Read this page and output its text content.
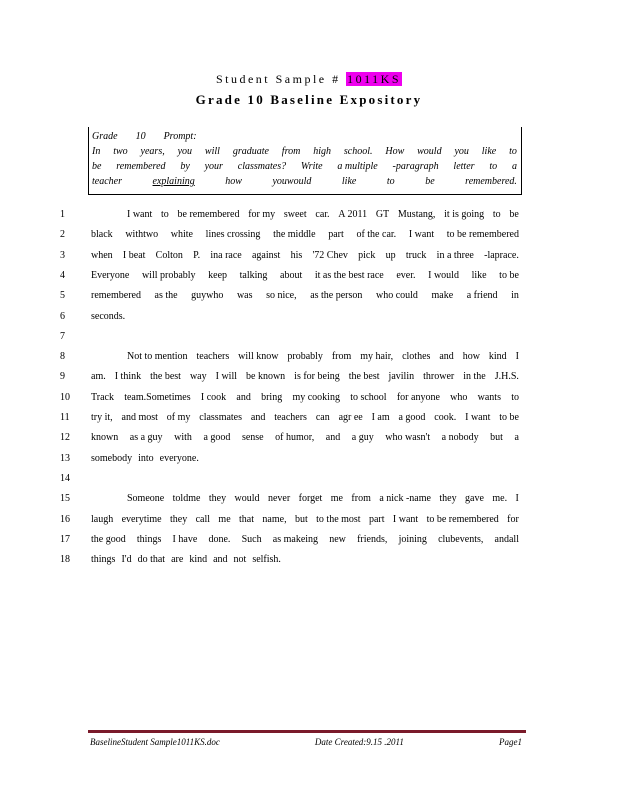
Student Sample # 1011KS
Grade 10 Baseline Expository
Grade 10 Prompt:
In two years, you will graduate from high school. How would you like to
be remembered by your classmates? Write a multiple -paragraph letter to a
teacher	explaining	how	youwould	like	to	be	remembered.
1	I want to be remembered for my sweet car. A 2011 GT Mustang, it is going to be
2	black withtwo white lines crossing the middle part of the car. I want to be remembered
3	when I beat Colton P. ina race against his '72 Chev pick up truck in a three -laprace.
4	Everyone will probably keep talking about it as the best race ever. I would like to be
5	remembered as the guywho was so nice, as the person who could make a friend in
6	seconds.
7
8	Not to mention teachers will know probably from my hair, clothes and how kind I
9	am. I think the best way I will be known is for being the best javilin thrower in the J.H.S.
10	Track team.Sometimes I cook and bring my cooking to school for anyone who wants to
11	try it, and most of my classmates and teachers can agr ee I am a good cook. I want to be
12	known as a guy with a good sense of humor, and a guy who wasn't a nobody but a
13	somebody into everyone.
14
15	Someone toldme they would never forget me from a nick -name they gave me. I
16	laugh everytime they call me that name, but to the most part I want to be remembered for
17	the good things I have done. Such as makeing new friends, joining clubevents, andall
18	things I'd do that are kind and not selfish.
BaselineStudent Sample1011KS.doc	Date Created:9.15 .2011	Page1
